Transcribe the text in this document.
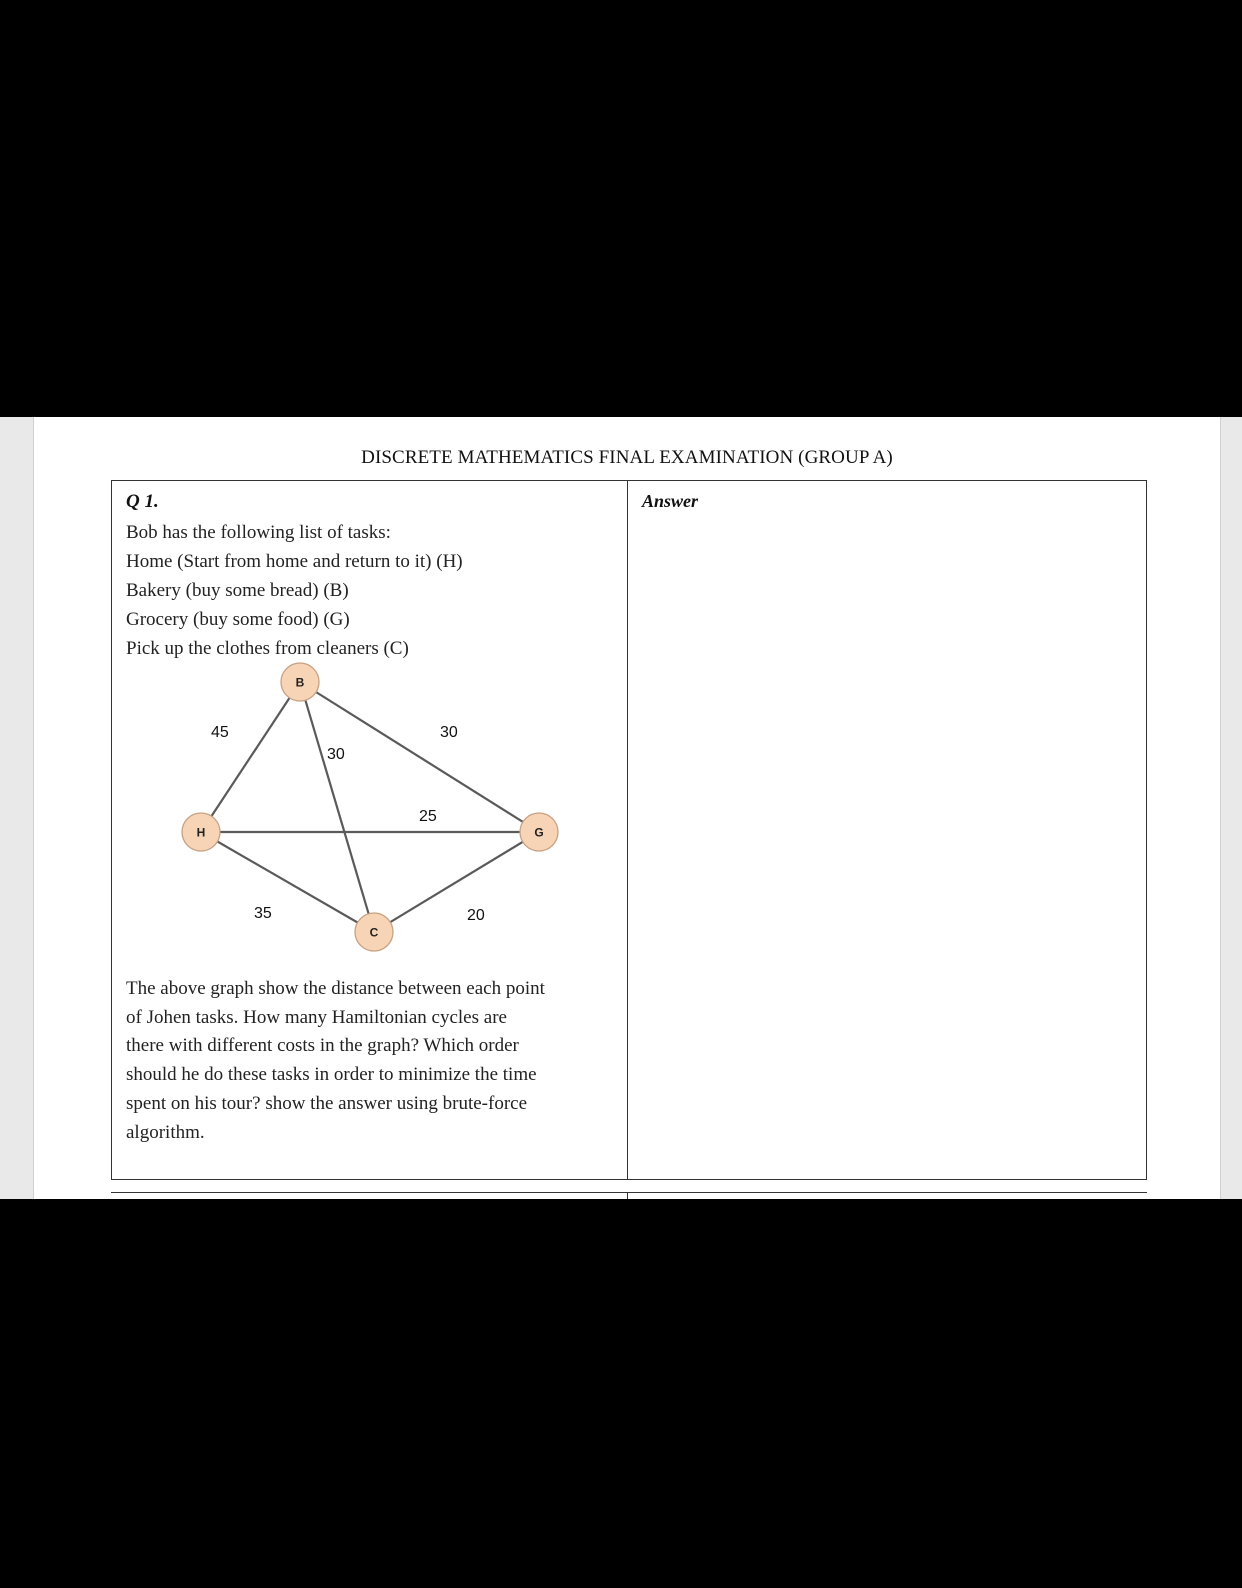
DISCRETE MATHEMATICS FINAL EXAMINATION (GROUP A)
Q 1.
Bob has the following list of tasks:
Home (Start from home and return to it) (H)
Bakery (buy some bread) (B)
Grocery (buy some food) (G)
Pick up the clothes from cleaners (C)
45	30
30
25
35	20
B
H	G
C
The above graph show the distance between each point
of Johen tasks. How many Hamiltonian cycles are
there with different costs in the graph? Which order
should he do these tasks in order to minimize the time
spent on his tour? show the answer using brute-force
algorithm.
Answer
